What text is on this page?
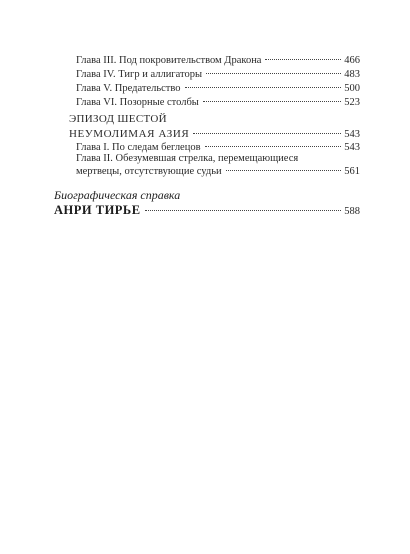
Глава III. Под покровительством Дракона	466
Глава IV. Тигр и аллигаторы	483
Глава V. Предательство	500
Глава VI. Позорные столбы	523
ЭПИЗОД ШЕСТОЙ
НЕУМОЛИМАЯ АЗИЯ	543
Глава I. По следам беглецов	543
Глава II. Обезумевшая стрелка, перемещающиеся
мертвецы, отсутствующие судьи	561
Биографическая справка
АНРИ ТИРЬЕ	588
